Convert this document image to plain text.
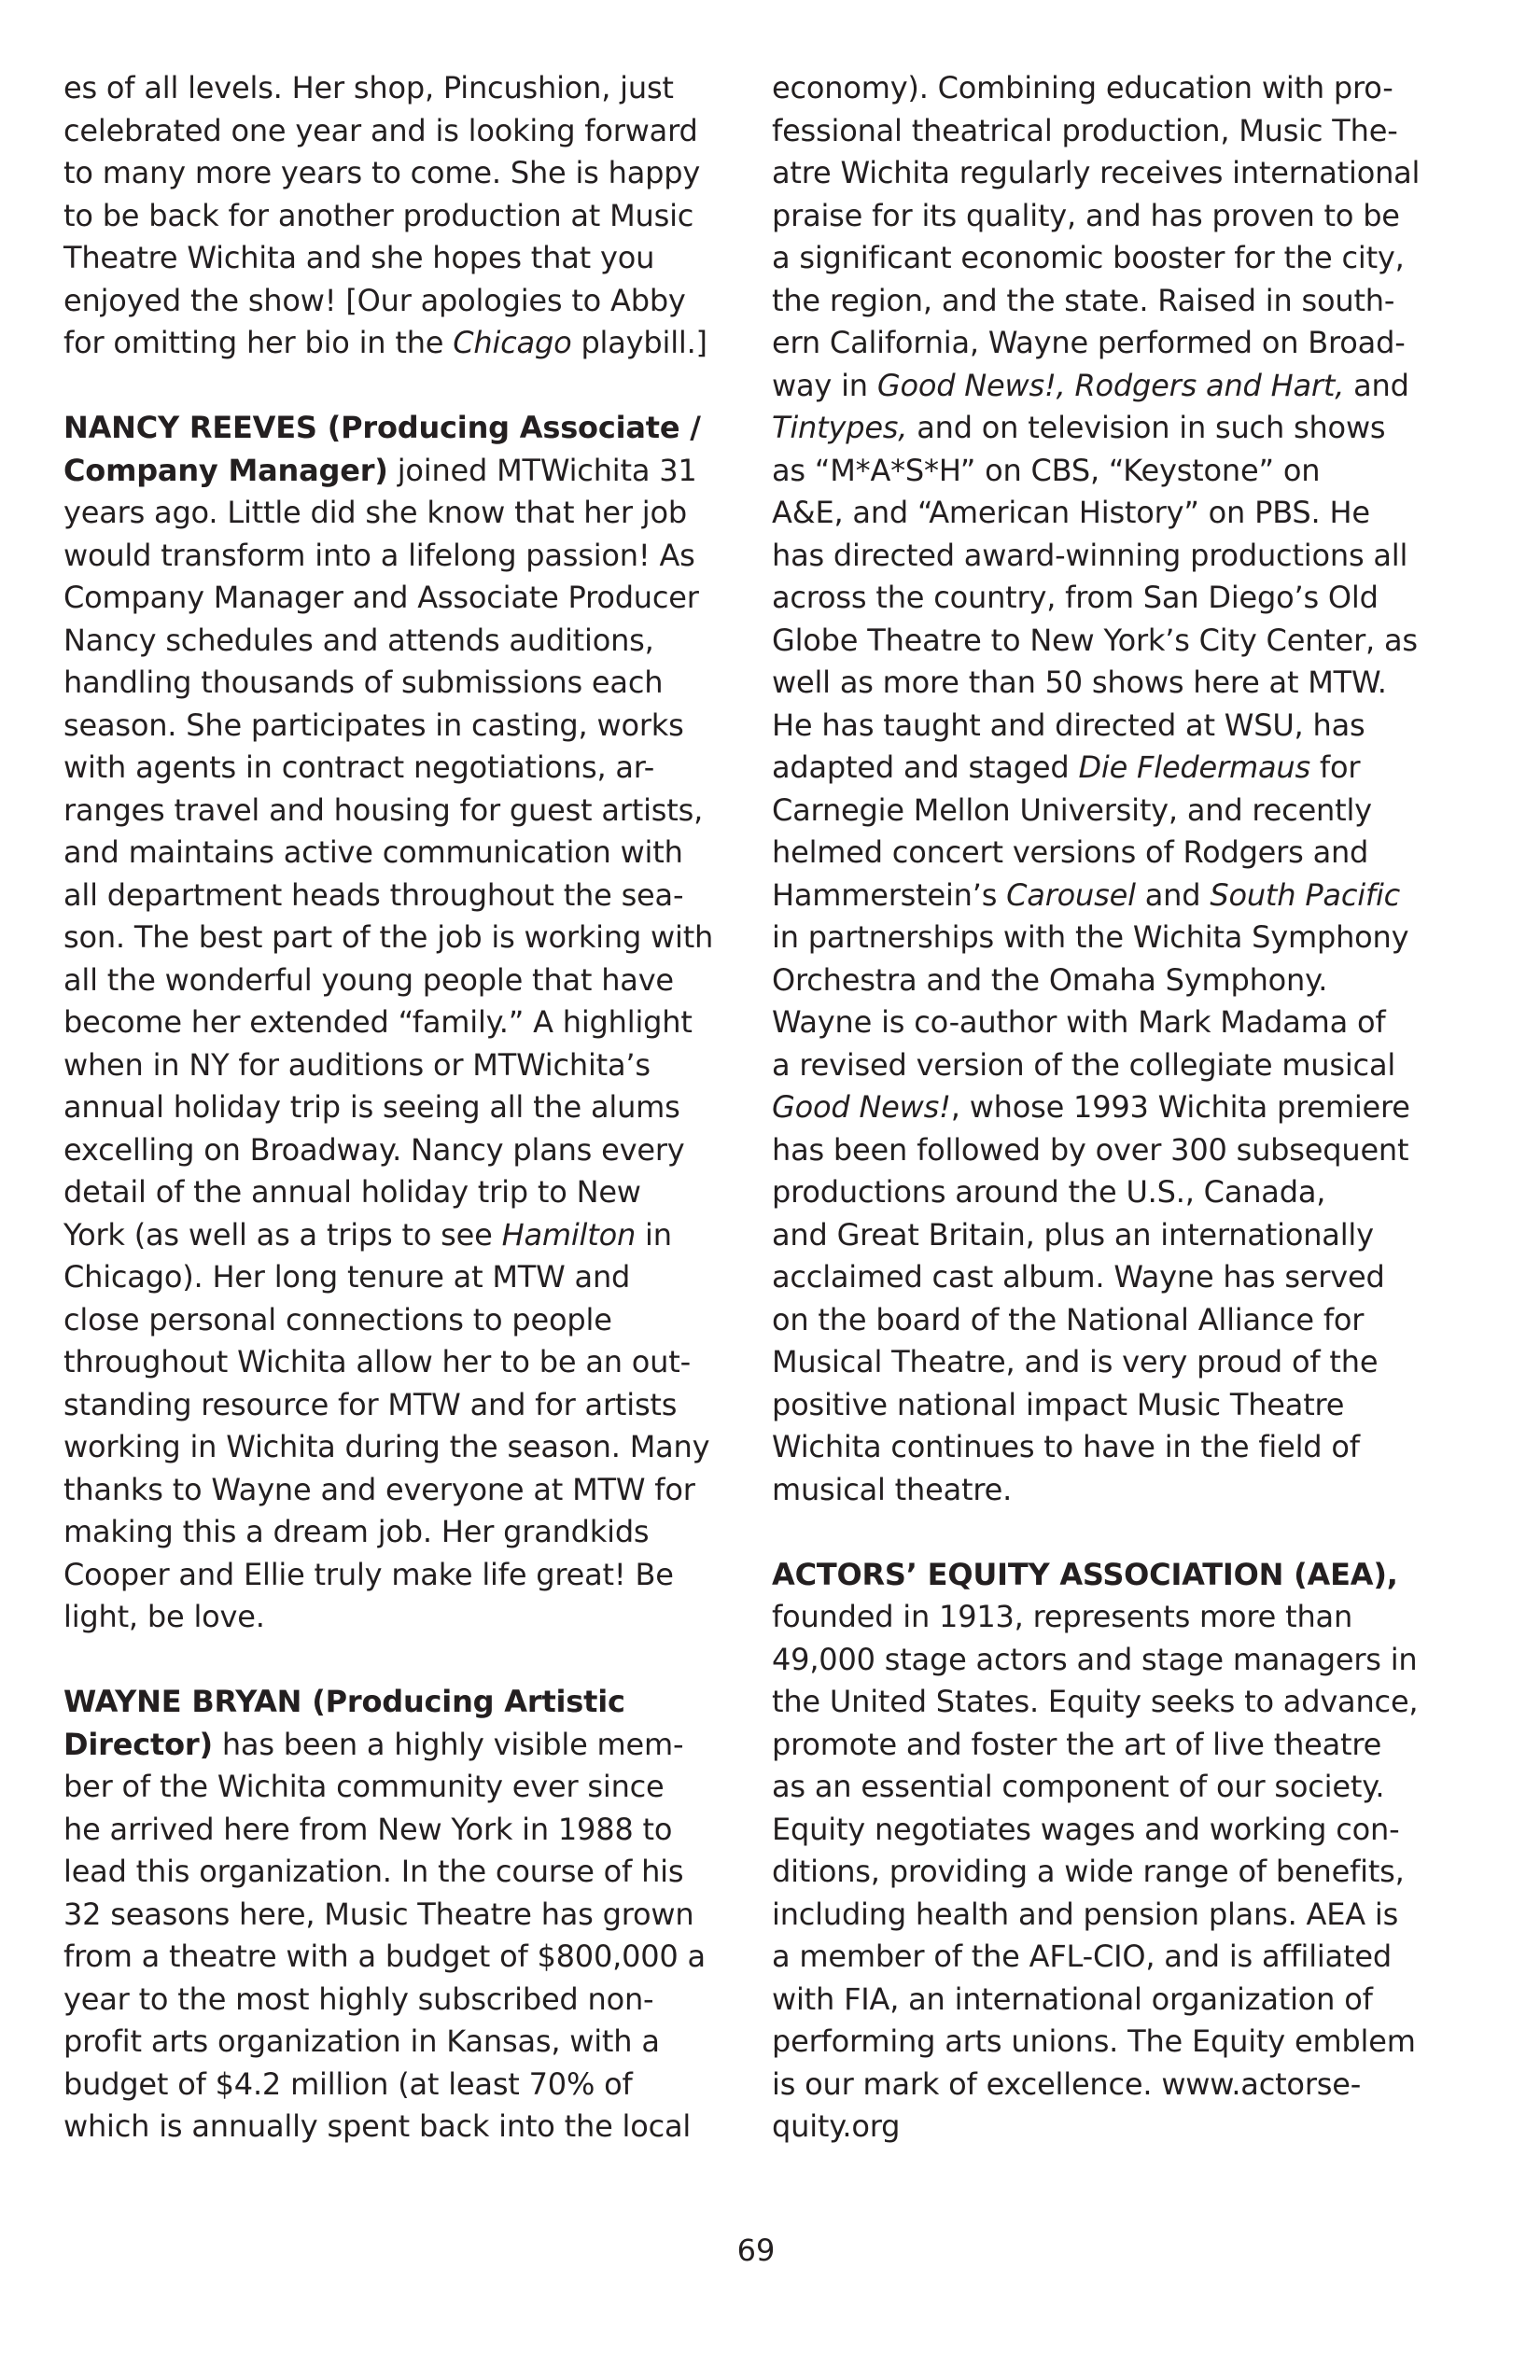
es of all levels. Her shop, Pincushion, just
celebrated one year and is looking forward
to many more years to come. She is happy
to be back for another production at Music
Theatre Wichita and she hopes that you
enjoyed the show! [Our apologies to Abby
for omitting her bio in the Chicago playbill.]
NANCY REEVES (Producing Associate /
Company Manager) joined MTWichita 31
years ago. Little did she know that her job
would transform into a lifelong passion! As
Company Manager and Associate Producer
Nancy schedules and attends auditions,
handling thousands of submissions each
season. She participates in casting, works
with agents in contract negotiations, ar-
ranges travel and housing for guest artists,
and maintains active communication with
all department heads throughout the sea-
son. The best part of the job is working with
all the wonderful young people that have
become her extended “family.” A highlight
when in NY for auditions or MTWichita’s
annual holiday trip is seeing all the alums
excelling on Broadway. Nancy plans every
detail of the annual holiday trip to New
York (as well as a trips to see Hamilton in
Chicago). Her long tenure at MTW and
close personal connections to people
throughout Wichita allow her to be an out-
standing resource for MTW and for artists
working in Wichita during the season. Many
thanks to Wayne and everyone at MTW for
making this a dream job. Her grandkids
Cooper and Ellie truly make life great! Be
light, be love.
WAYNE BRYAN (Producing Artistic
Director) has been a highly visible mem-
ber of the Wichita community ever since
he arrived here from New York in 1988 to
lead this organization. In the course of his
32 seasons here, Music Theatre has grown
from a theatre with a budget of $800,000 a
year to the most highly subscribed non-
profit arts organization in Kansas, with a
budget of $4.2 million (at least 70% of
which is annually spent back into the local
economy). Combining education with pro-
fessional theatrical production, Music The-
atre Wichita regularly receives international
praise for its quality, and has proven to be
a significant economic booster for the city,
the region, and the state. Raised in south-
ern California, Wayne performed on Broad-
way in Good News!, Rodgers and Hart, and
Tintypes, and on television in such shows
as “M*A*S*H” on CBS, “Keystone” on
A&E, and “American History” on PBS. He
has directed award-winning productions all
across the country, from San Diego’s Old
Globe Theatre to New York’s City Center, as
well as more than 50 shows here at MTW.
He has taught and directed at WSU, has
adapted and staged Die Fledermaus for
Carnegie Mellon University, and recently
helmed concert versions of Rodgers and
Hammerstein’s Carousel and South Pacific
in partnerships with the Wichita Symphony
Orchestra and the Omaha Symphony.
Wayne is co-author with Mark Madama of
a revised version of the collegiate musical
Good News!, whose 1993 Wichita premiere
has been followed by over 300 subsequent
productions around the U.S., Canada,
and Great Britain, plus an internationally
acclaimed cast album. Wayne has served
on the board of the National Alliance for
Musical Theatre, and is very proud of the
positive national impact Music Theatre
Wichita continues to have in the field of
musical theatre.
ACTORS’ EQUITY ASSOCIATION (AEA),
founded in 1913, represents more than
49,000 stage actors and stage managers in
the United States. Equity seeks to advance,
promote and foster the art of live theatre
as an essential component of our society.
Equity negotiates wages and working con-
ditions, providing a wide range of benefits,
including health and pension plans. AEA is
a member of the AFL-CIO, and is affiliated
with FIA, an international organization of
performing arts unions. The Equity emblem
is our mark of excellence. www.actorse-
quity.org
69
